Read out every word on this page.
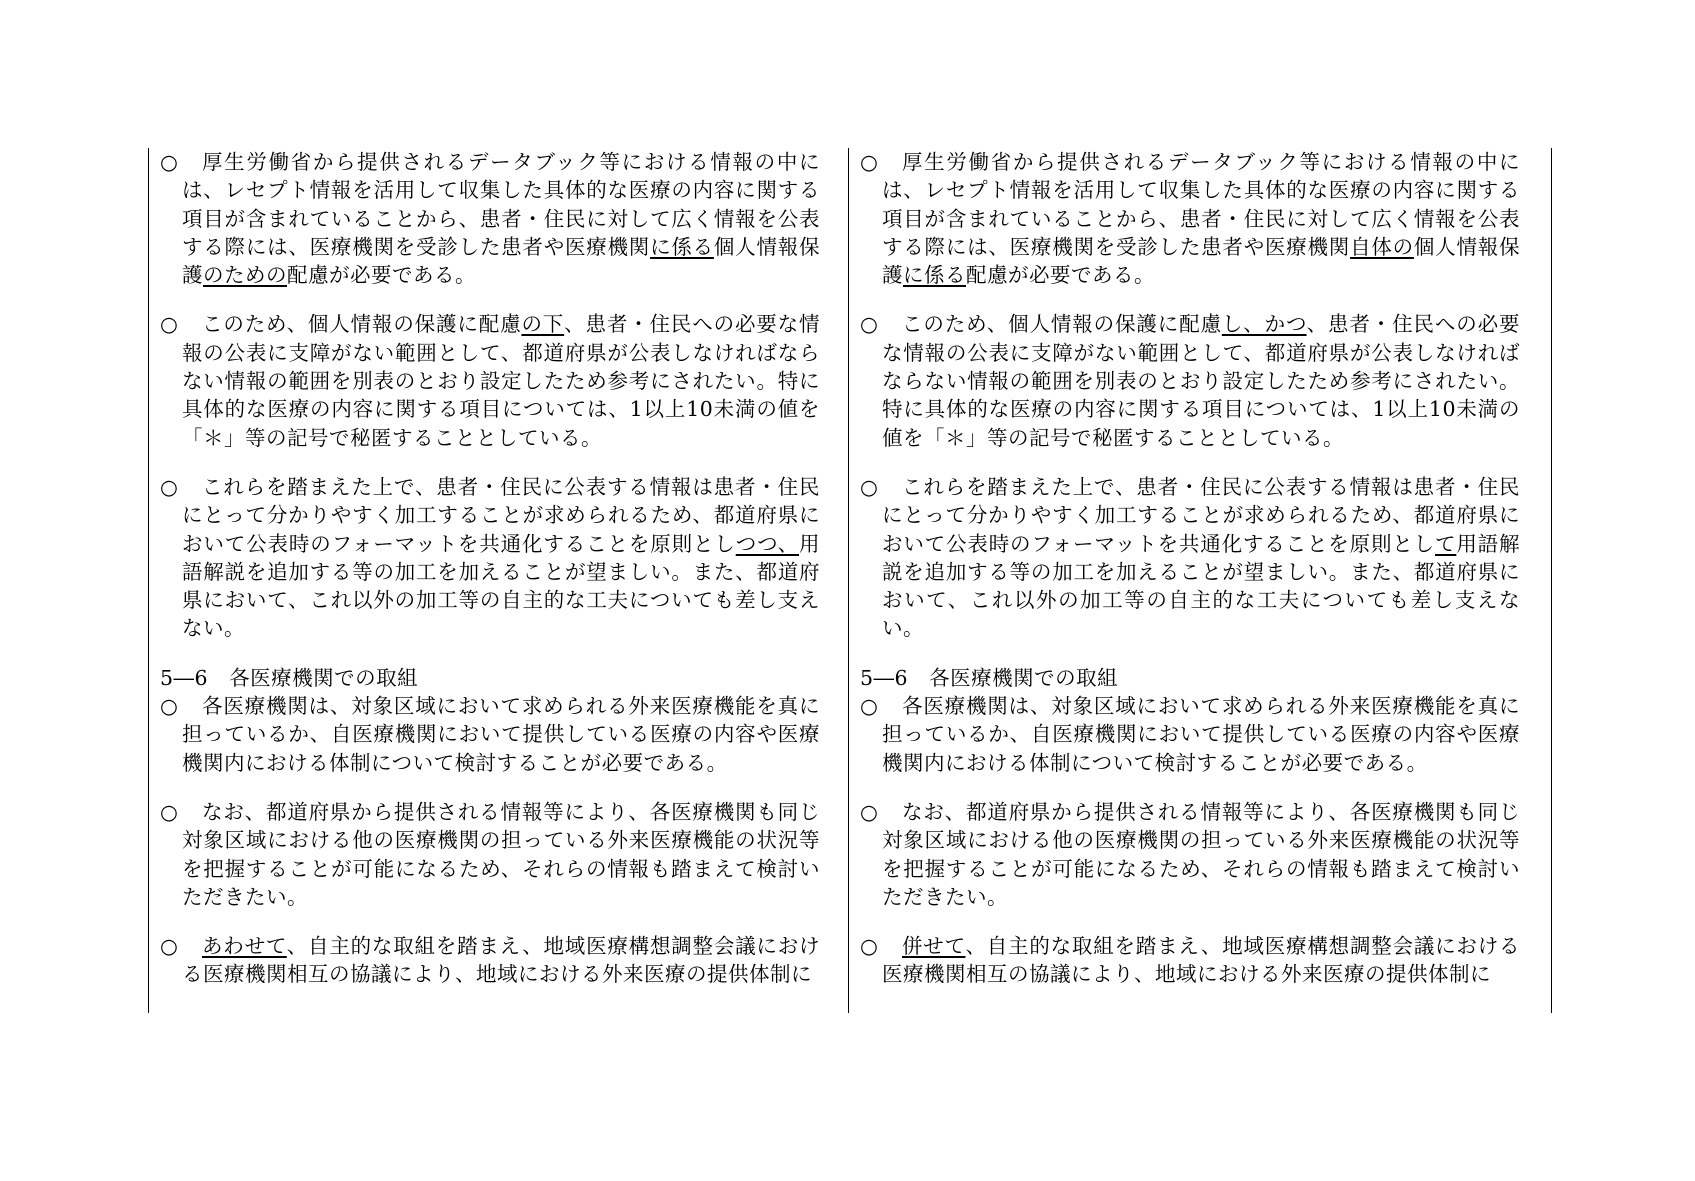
○	厚生労働省から提供されるデータブック等における情報の中には、レセプト情報を活用して収集した具体的な医療の内容に関する項目が含まれていることから、患者・住民に対して広く情報を公表する際には、医療機関を受診した患者や医療機関に係る個人情報保護のための配慮が必要である。
○	このため、個人情報の保護に配慮の下、患者・住民への必要な情報の公表に支障がない範囲として、都道府県が公表しなければならない情報の範囲を別表のとおり設定したため参考にされたい。特に具体的な医療の内容に関する項目については、1以上10未満の値を「＊」等の記号で秘匿することとしている。
○	これらを踏まえた上で、患者・住民に公表する情報は患者・住民にとって分かりやすく加工することが求められるため、都道府県において公表時のフォーマットを共通化することを原則としつつ、用語解説を追加する等の加工を加えることが望ましい。また、都道府県において、これ以外の加工等の自主的な工夫についても差し支えない。
5―6　各医療機関での取組
○	各医療機関は、対象区域において求められる外来医療機能を真に担っているか、自医療機関において提供している医療の内容や医療機関内における体制について検討することが必要である。
○	なお、都道府県から提供される情報等により、各医療機関も同じ対象区域における他の医療機関の担っている外来医療機能の状況等を把握することが可能になるため、それらの情報も踏まえて検討いただきたい。
○	あわせて、自主的な取組を踏まえ、地域医療構想調整会議における医療機関相互の協議により、地域における外来医療の提供体制に
○	厚生労働省から提供されるデータブック等における情報の中には、レセプト情報を活用して収集した具体的な医療の内容に関する項目が含まれていることから、患者・住民に対して広く情報を公表する際には、医療機関を受診した患者や医療機関自体の個人情報保護に係る配慮が必要である。
○	このため、個人情報の保護に配慮し、かつ、患者・住民への必要な情報の公表に支障がない範囲として、都道府県が公表しなければならない情報の範囲を別表のとおり設定したため参考にされたい。特に具体的な医療の内容に関する項目については、1以上10未満の値を「＊」等の記号で秘匿することとしている。
○	これらを踏まえた上で、患者・住民に公表する情報は患者・住民にとって分かりやすく加工することが求められるため、都道府県において公表時のフォーマットを共通化することを原則として用語解説を追加する等の加工を加えることが望ましい。また、都道府県において、これ以外の加工等の自主的な工夫についても差し支えない。
5―6　各医療機関での取組
○	各医療機関は、対象区域において求められる外来医療機能を真に担っているか、自医療機関において提供している医療の内容や医療機関内における体制について検討することが必要である。
○	なお、都道府県から提供される情報等により、各医療機関も同じ対象区域における他の医療機関の担っている外来医療機能の状況等を把握することが可能になるため、それらの情報も踏まえて検討いただきたい。
○	併せて、自主的な取組を踏まえ、地域医療構想調整会議における医療機関相互の協議により、地域における外来医療の提供体制に
